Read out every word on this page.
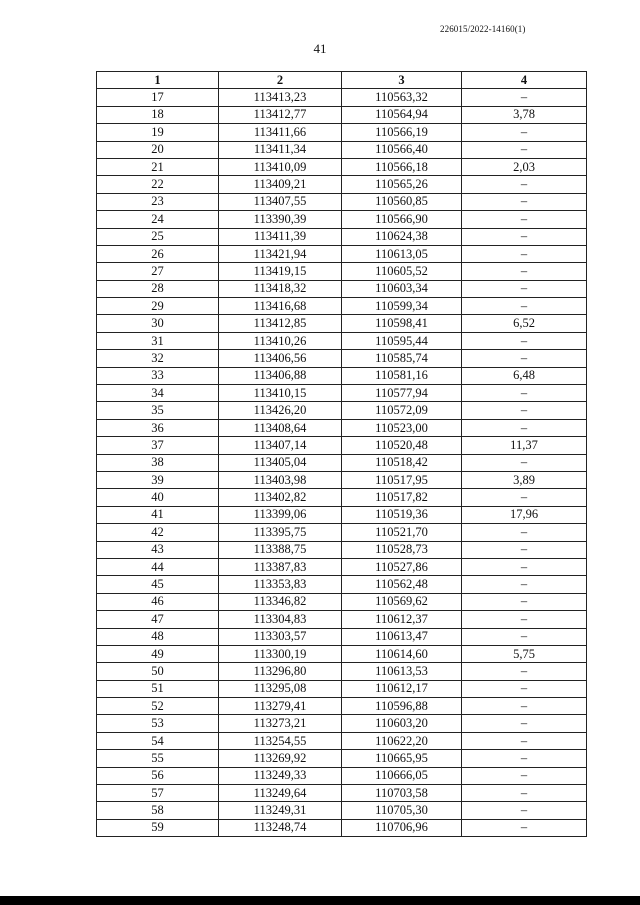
226015/2022-14160(1)
41
1	2	3	4
17	113413,23	110563,32	–
18	113412,77	110564,94	3,78
19	113411,66	110566,19	–
20	113411,34	110566,40	–
21	113410,09	110566,18	2,03
22	113409,21	110565,26	–
23	113407,55	110560,85	–
24	113390,39	110566,90	–
25	113411,39	110624,38	–
26	113421,94	110613,05	–
27	113419,15	110605,52	–
28	113418,32	110603,34	–
29	113416,68	110599,34	–
30	113412,85	110598,41	6,52
31	113410,26	110595,44	–
32	113406,56	110585,74	–
33	113406,88	110581,16	6,48
34	113410,15	110577,94	–
35	113426,20	110572,09	–
36	113408,64	110523,00	–
37	113407,14	110520,48	11,37
38	113405,04	110518,42	–
39	113403,98	110517,95	3,89
40	113402,82	110517,82	–
41	113399,06	110519,36	17,96
42	113395,75	110521,70	–
43	113388,75	110528,73	–
44	113387,83	110527,86	–
45	113353,83	110562,48	–
46	113346,82	110569,62	–
47	113304,83	110612,37	–
48	113303,57	110613,47	–
49	113300,19	110614,60	5,75
50	113296,80	110613,53	–
51	113295,08	110612,17	–
52	113279,41	110596,88	–
53	113273,21	110603,20	–
54	113254,55	110622,20	–
55	113269,92	110665,95	–
56	113249,33	110666,05	–
57	113249,64	110703,58	–
58	113249,31	110705,30	–
59	113248,74	110706,96	–
